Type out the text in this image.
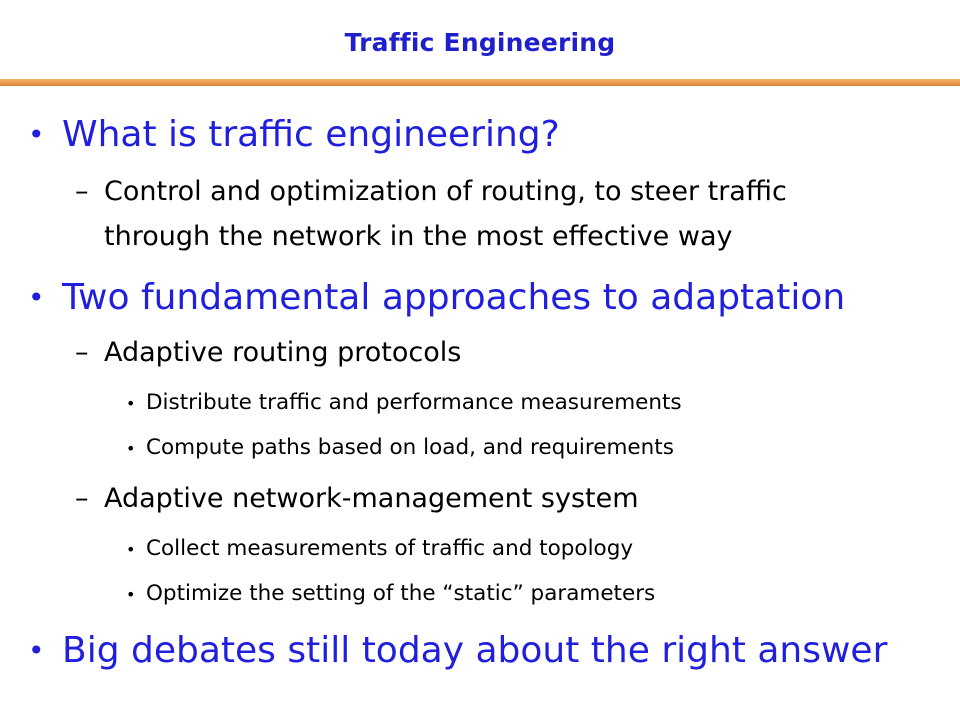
Traffic Engineering
• What is traffic engineering?
– Control and optimization of routing, to steer traffic
through the network in the most effective way
• Two fundamental approaches to adaptation
– Adaptive routing protocols
• Distribute traffic and performance measurements
• Compute paths based on load, and requirements
– Adaptive network-management system
• Collect measurements of traffic and topology
• Optimize the setting of the “static” parameters
• Big debates still today about the right answer
